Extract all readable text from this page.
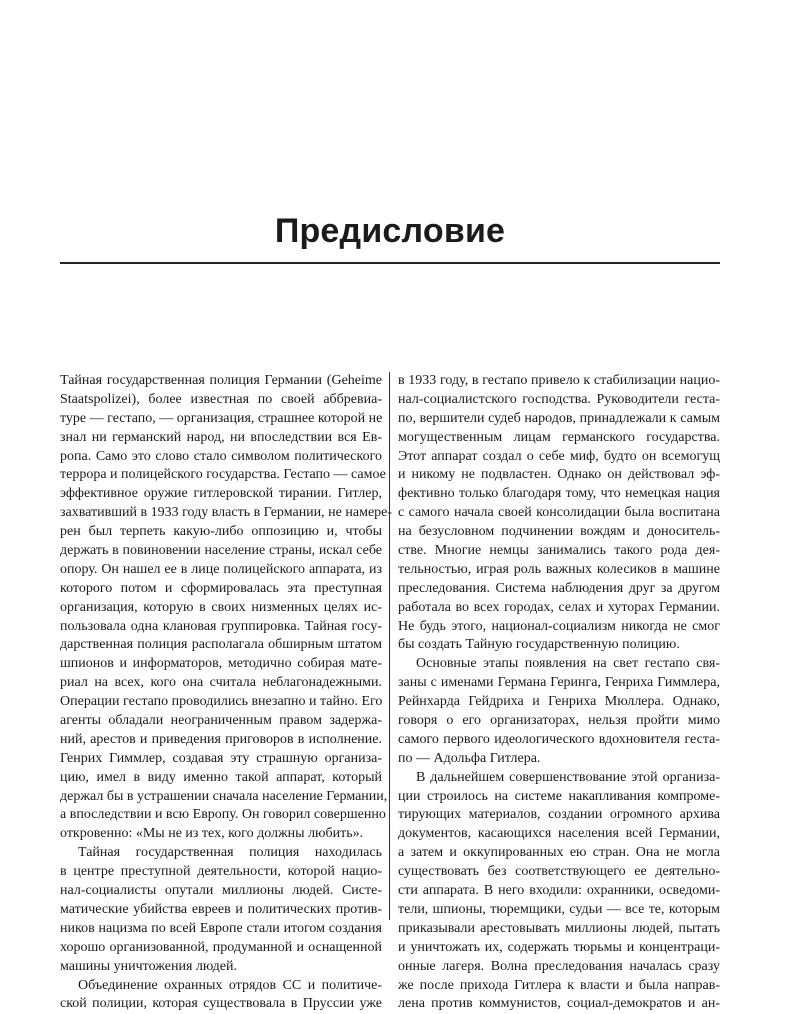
Предисловие
Тайная государственная полиция Германии (Geheime
Staatspolizei), более известная по своей аббревиа-
туре — гестапо, — организация, страшнее которой не
знал ни германский народ, ни впоследствии вся Ев-
ропа. Само это слово стало символом политического
террора и полицейского государства. Гестапо — самое
эффективное оружие гитлеровской тирании. Гитлер,
захвативший в 1933 году власть в Германии, не намере-
рен был терпеть какую-либо оппозицию и, чтобы
держать в повиновении население страны, искал себе
опору. Он нашел ее в лице полицейского аппарата, из
которого потом и сформировалась эта преступная
организация, которую в своих низменных целях ис-
пользовала одна клановая группировка. Тайная госу-
дарственная полиция располагала обширным штатом
шпионов и информаторов, методично собирая мате-
риал на всех, кого она считала неблагонадежными.
Операции гестапо проводились внезапно и тайно. Его
агенты обладали неограниченным правом задержа-
ний, арестов и приведения приговоров в исполнение.
Генрих Гиммлер, создавая эту страшную организа-
цию, имел в виду именно такой аппарат, который
держал бы в устрашении сначала население Германии,
а впоследствии и всю Европу. Он говорил совершенно
откровенно: «Мы не из тех, кого должны любить».
Тайная государственная полиция находилась
в центре преступной деятельности, которой нацио-
нал-социалисты опутали миллионы людей. Систе-
матические убийства евреев и политических против-
ников нацизма по всей Европе стали итогом создания
хорошо организованной, продуманной и оснащенной
машины уничтожения людей.
Объединение охранных отрядов СС и политиче-
ской полиции, которая существовала в Пруссии уже
в 1933 году, в гестапо привело к стабилизации нацио-
нал-социалистского господства. Руководители геста-
по, вершители судеб народов, принадлежали к самым
могущественным лицам германского государства.
Этот аппарат создал о себе миф, будто он всемогущ
и никому не подвластен. Однако он действовал эф-
фективно только благодаря тому, что немецкая нация
с самого начала своей консолидации была воспитана
на безусловном подчинении вождям и доноситель-
стве. Многие немцы занимались такого рода дея-
тельностью, играя роль важных колесиков в машине
преследования. Система наблюдения друг за другом
работала во всех городах, селах и хуторах Германии.
Не будь этого, национал-социализм никогда не смог
бы создать Тайную государственную полицию.
Основные этапы появления на свет гестапо свя-
заны с именами Германа Геринга, Генриха Гиммлера,
Рейнхарда Гейдриха и Генриха Мюллера. Однако,
говоря о его организаторах, нельзя пройти мимо
самого первого идеологического вдохновителя геста-
по — Адольфа Гитлера.
В дальнейшем совершенствование этой организа-
ции строилось на системе накапливания компроме-
тирующих материалов, создании огромного архива
документов, касающихся населения всей Германии,
а затем и оккупированных ею стран. Она не могла
существовать без соответствующего ее деятельно-
сти аппарата. В него входили: охранники, осведоми-
тели, шпионы, тюремщики, судьи — все те, которым
приказывали арестовывать миллионы людей, пытать
и уничтожать их, содержать тюрьмы и концентраци-
онные лагеря. Волна преследования началась сразу
же после прихода Гитлера к власти и была направ-
лена против коммунистов, социал-демократов и ан-
